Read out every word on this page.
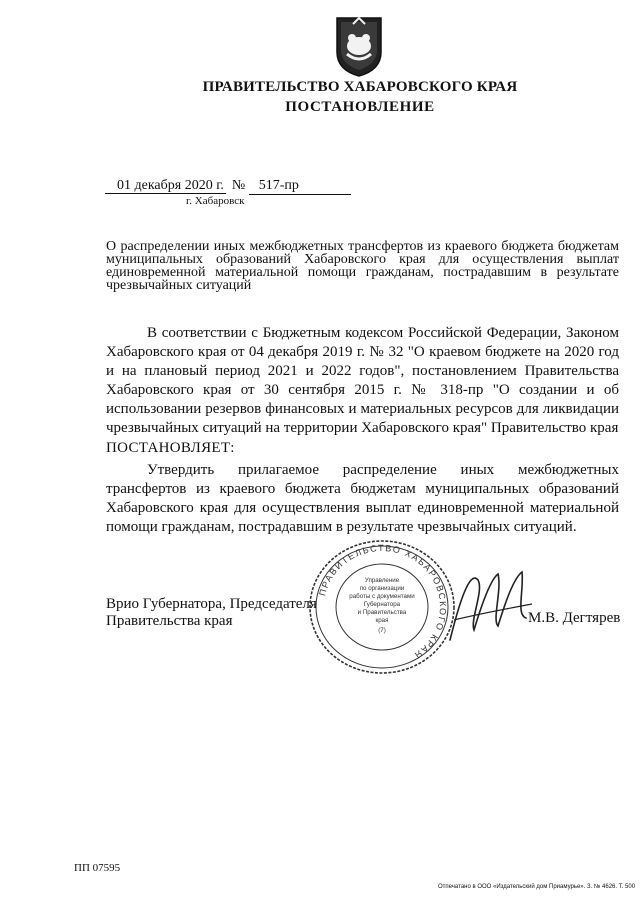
ПРАВИТЕЛЬСТВО ХАБАРОВСКОГО КРАЯ
ПОСТАНОВЛЕНИЕ
01 декабря 2020 г. № 517-пр
г. Хабаровск
О распределении иных межбюджетных трансфертов из краевого бюджета бюджетам муниципальных образований Хабаровского края для осуществления выплат единовременной материальной помощи гражданам, пострадавшим в результате чрезвычайных ситуаций
В соответствии с Бюджетным кодексом Российской Федерации, Законом Хабаровского края от 04 декабря 2019 г. № 32 "О краевом бюджете на 2020 год и на плановый период 2021 и 2022 годов", постановлением Правительства Хабаровского края от 30 сентября 2015 г. № 318-пр "О создании и об использовании резервов финансовых и материальных ресурсов для ликвидации чрезвычайных ситуаций на территории Хабаровского края" Правительство края
ПОСТАНОВЛЯЕТ:
Утвердить прилагаемое распределение иных межбюджетных трансфертов из краевого бюджета бюджетам муниципальных образований Хабаровского края для осуществления выплат единовременной материальной помощи гражданам, пострадавшим в результате чрезвычайных ситуаций.
ПРАВИТЕЛЬСТВО ХАБАРОВСКОГО КРАЯ
Управление
по организации
работы с документами
Губернатора
и Правительства
края
(7)
Врио Губернатора, Председателя
Правительства края	М.В. Дегтярев
ПП 07595
Отпечатано в ООО «Издательский дом Приамурье». З. № 4626. Т. 500
